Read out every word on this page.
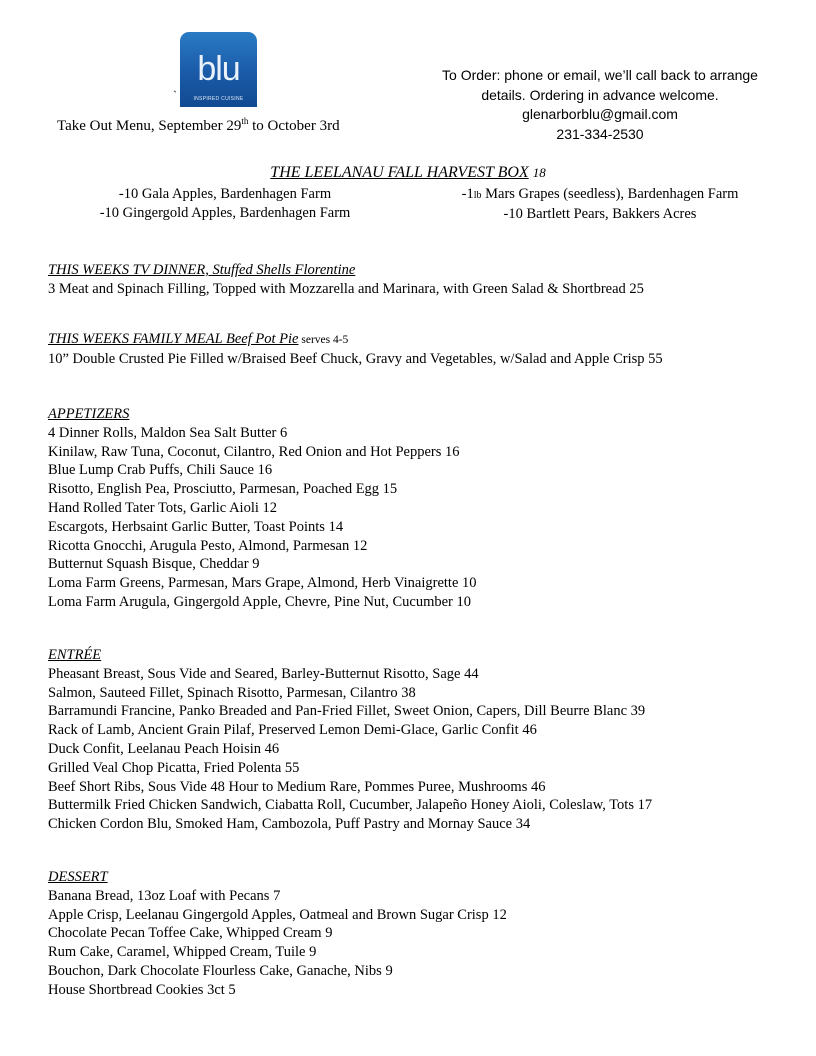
blu
INSPIRED CUISINE
`
Take Out Menu, September 29th to October 3rd
To Order: phone or email, we’ll call back to arrange
details. Ordering in advance welcome.
glenarborblu@gmail.com
231-334-2530
THE LEELANAU FALL HARVEST BOX 18
-10 Gala Apples, Bardenhagen Farm
-10 Gingergold Apples, Bardenhagen Farm
-1lb Mars Grapes (seedless), Bardenhagen Farm
-10 Bartlett Pears, Bakkers Acres
THIS WEEKS TV DINNER, Stuffed Shells Florentine
3 Meat and Spinach Filling, Topped with Mozzarella and Marinara, with Green Salad & Shortbread 25
THIS WEEKS FAMILY MEAL Beef Pot Pie serves 4-5
10” Double Crusted Pie Filled w/Braised Beef Chuck, Gravy and Vegetables, w/Salad and Apple Crisp 55
APPETIZERS
4 Dinner Rolls, Maldon Sea Salt Butter 6
Kinilaw, Raw Tuna, Coconut, Cilantro, Red Onion and Hot Peppers 16
Blue Lump Crab Puffs, Chili Sauce 16
Risotto, English Pea, Prosciutto, Parmesan, Poached Egg 15
Hand Rolled Tater Tots, Garlic Aioli 12
Escargots, Herbsaint Garlic Butter, Toast Points 14
Ricotta Gnocchi, Arugula Pesto, Almond, Parmesan 12
Butternut Squash Bisque, Cheddar 9
Loma Farm Greens, Parmesan, Mars Grape, Almond, Herb Vinaigrette 10
Loma Farm Arugula, Gingergold Apple, Chevre, Pine Nut, Cucumber 10
ENTRÉE
Pheasant Breast, Sous Vide and Seared, Barley-Butternut Risotto, Sage 44
Salmon, Sauteed Fillet, Spinach Risotto, Parmesan, Cilantro 38
Barramundi Francine, Panko Breaded and Pan-Fried Fillet, Sweet Onion, Capers, Dill Beurre Blanc 39
Rack of Lamb, Ancient Grain Pilaf, Preserved Lemon Demi-Glace, Garlic Confit 46
Duck Confit, Leelanau Peach Hoisin 46
Grilled Veal Chop Picatta, Fried Polenta 55
Beef Short Ribs, Sous Vide 48 Hour to Medium Rare, Pommes Puree, Mushrooms 46
Buttermilk Fried Chicken Sandwich, Ciabatta Roll, Cucumber, Jalapeño Honey Aioli, Coleslaw, Tots 17
Chicken Cordon Blu, Smoked Ham, Cambozola, Puff Pastry and Mornay Sauce 34
DESSERT
Banana Bread, 13oz Loaf with Pecans 7
Apple Crisp, Leelanau Gingergold Apples, Oatmeal and Brown Sugar Crisp 12
Chocolate Pecan Toffee Cake, Whipped Cream 9
Rum Cake, Caramel, Whipped Cream, Tuile 9
Bouchon, Dark Chocolate Flourless Cake, Ganache, Nibs 9
House Shortbread Cookies 3ct 5
